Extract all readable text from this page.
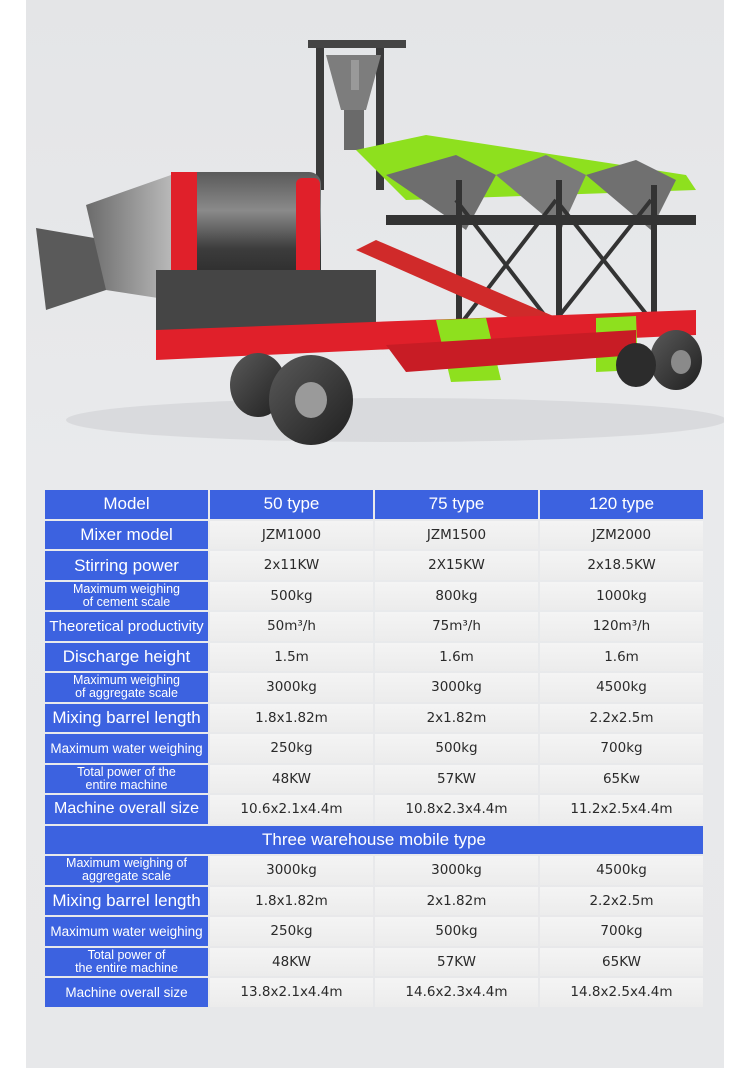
Model	50 type	75 type	120 type
Mixer model	JZM1000	JZM1500	JZM2000
Stirring power	2x11KW	2X15KW	2x18.5KW
Maximum weighing
of cement scale	500kg	800kg	1000kg
Theoretical productivity	50m³/h	75m³/h	120m³/h
Discharge height	1.5m	1.6m	1.6m
Maximum weighing
of aggregate scale	3000kg	3000kg	4500kg
Mixing barrel length	1.8x1.82m	2x1.82m	2.2x2.5m
Maximum water weighing	250kg	500kg	700kg
Total power of the
entire machine	48KW	57KW	65Kw
Machine overall size	10.6x2.1x4.4m	10.8x2.3x4.4m	11.2x2.5x4.4m
Three warehouse mobile type			
Maximum weighing of
aggregate scale	3000kg	3000kg	4500kg
Mixing barrel length	1.8x1.82m	2x1.82m	2.2x2.5m
Maximum water weighing	250kg	500kg	700kg
Total power of
the entire machine	48KW	57KW	65KW
Machine overall size	13.8x2.1x4.4m	14.6x2.3x4.4m	14.8x2.5x4.4m
